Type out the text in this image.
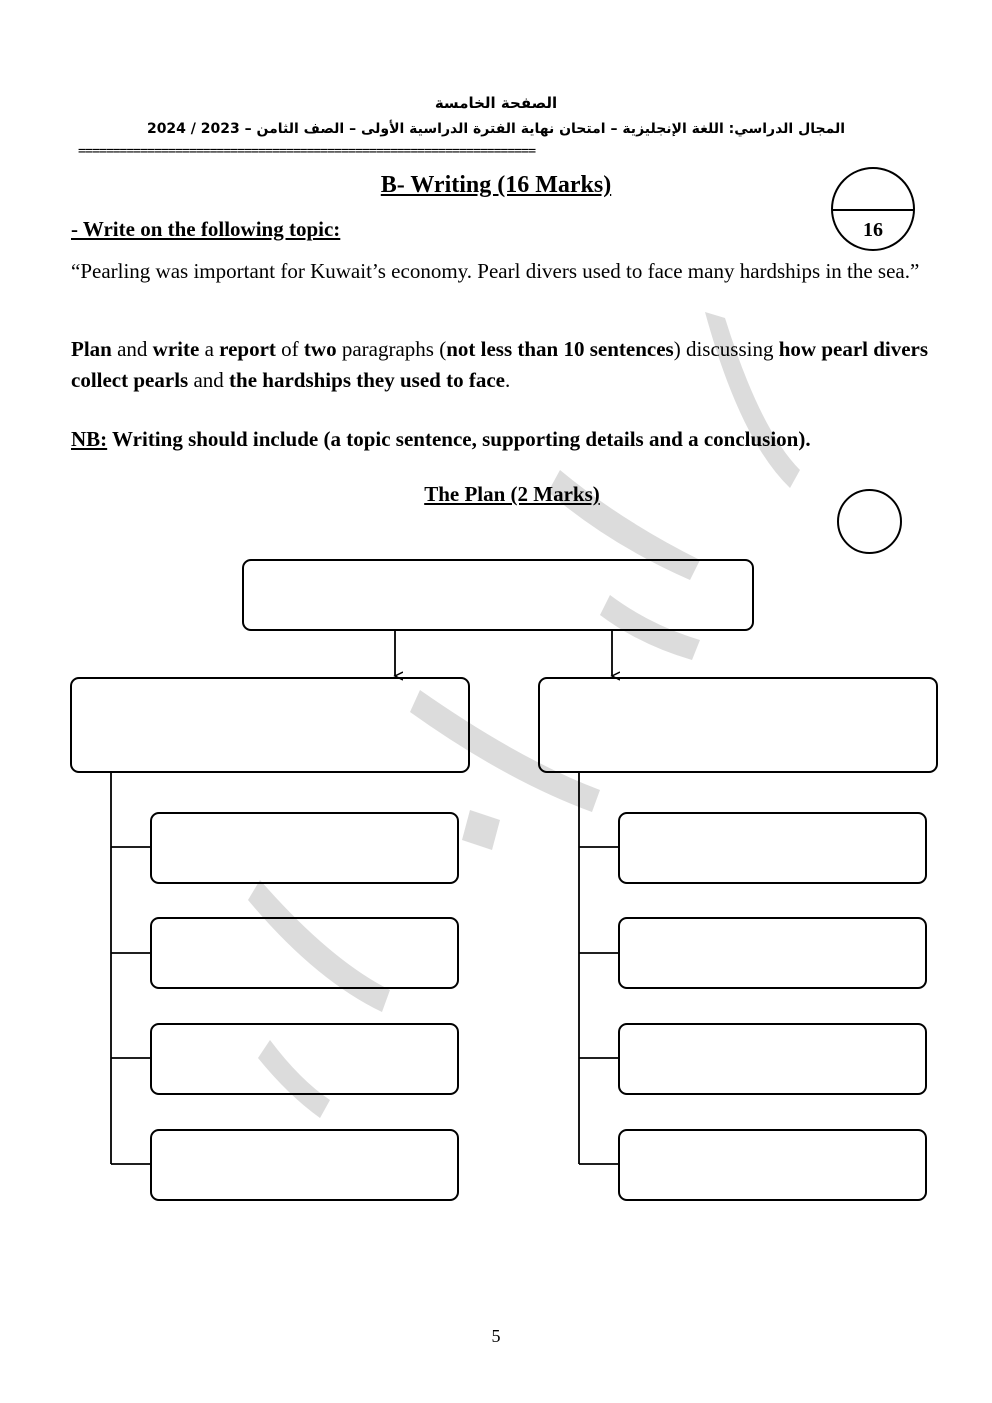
الصفحة الخامسة
المجال الدراسي: اللغة الإنجليزية – امتحان نهاية الفترة الدراسية الأولى – الصف الثامن – 2023 / 2024
==================================================================
B- Writing (16 Marks)
16
- Write on the following topic:
“Pearling was important for Kuwait’s economy. Pearl divers used to face many hardships in the sea.”
Plan and write a report of two paragraphs (not less than 10 sentences) discussing how pearl divers collect pearls and the hardships they used to face.
NB: Writing should include (a topic sentence, supporting details and a conclusion).
The Plan (2 Marks)
5
